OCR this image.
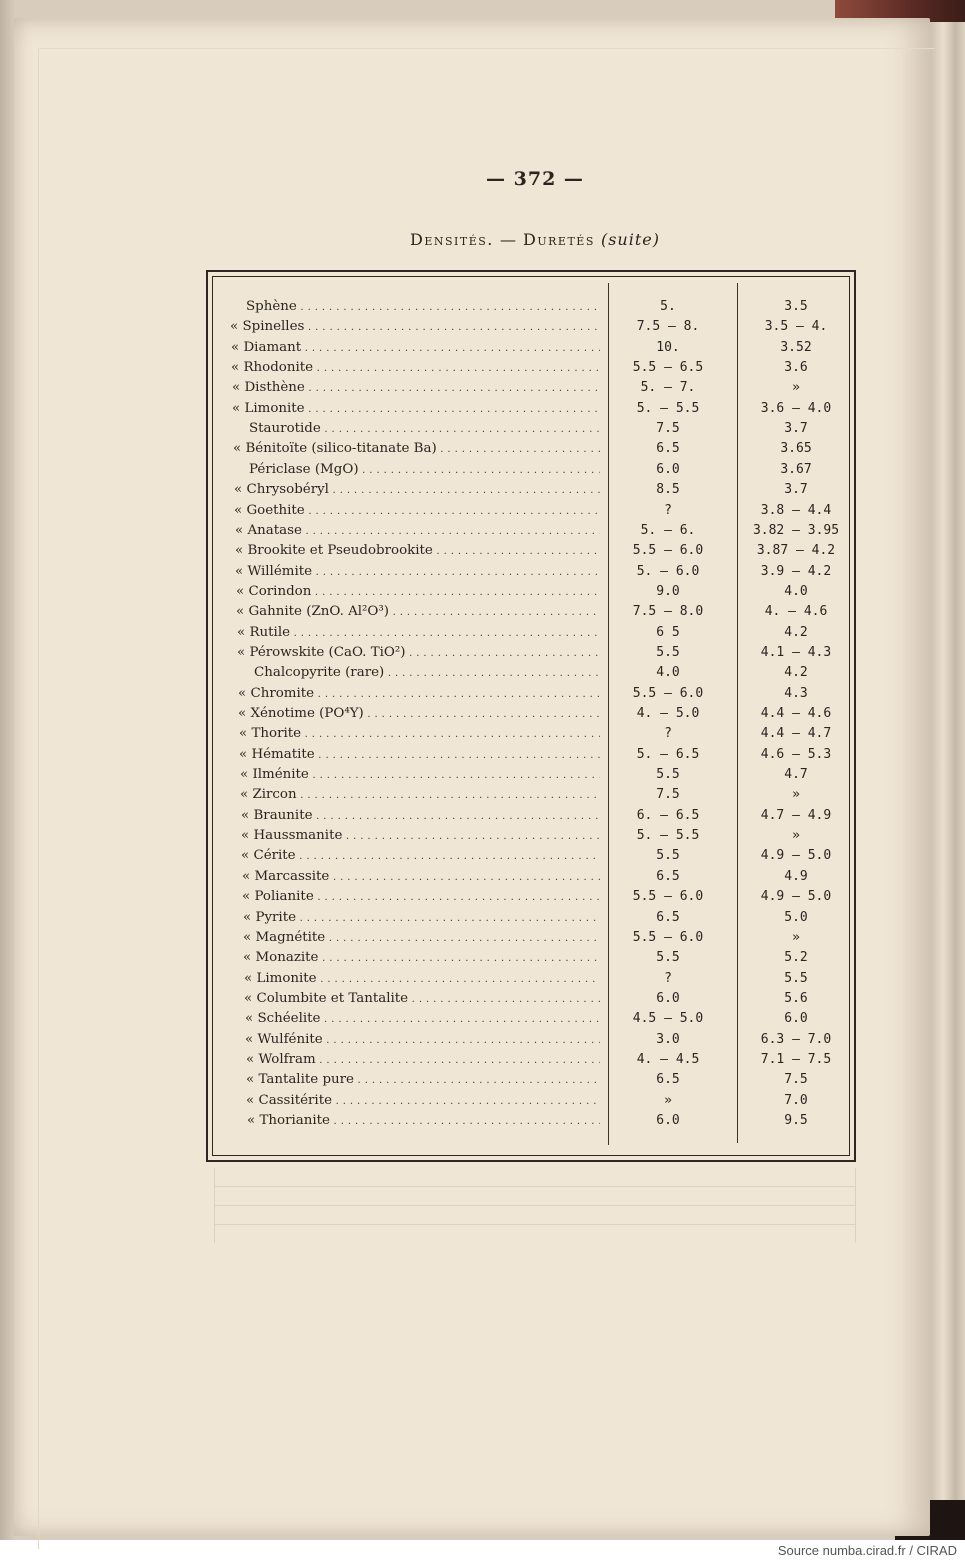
— 372 —
Densités. — Duretés (suite)
Sphène . . .	5.	3.5
« Spinelles . . .	7.5 — 8.	3.5 — 4.
« Diamant . . .	10.	3.52
« Rhodonite . . .	5.5 — 6.5	3.6
« Disthène . . .	5. — 7.	»
« Limonite . . .	5. — 5.5	3.6 — 4.0
Staurotide . . .	7.5	3.7
« Bénitoïte (silico-titanate Ba) . . .	6.5	3.65
Périclase (MgO) . . .	6.0	3.67
« Chrysobéryl . . .	8.5	3.7
« Goethite . . .	?	3.8 — 4.4
« Anatase . . .	5. — 6.	3.82 — 3.95
« Brookite et Pseudobrookite . . .	5.5 — 6.0	3.87 — 4.2
« Willémite . . .	5. — 6.0	3.9 — 4.2
« Corindon . . .	9.0	4.0
« Gahnite (ZnO. Al²O³) . . .	7.5 — 8.0	4. — 4.6
« Rutile . . .	6 5	4.2
« Pérowskite (CaO. TiO²) . . .	5.5	4.1 — 4.3
Chalcopyrite (rare) . . .	4.0	4.2
« Chromite . . .	5.5 — 6.0	4.3
« Xénotime (PO⁴Y) . . .	4. — 5.0	4.4 — 4.6
« Thorite . . .	?	4.4 — 4.7
« Hématite . . .	5. — 6.5	4.6 — 5.3
« Ilménite . . .	5.5	4.7
« Zircon . . .	7.5	»
« Braunite . . .	6. — 6.5	4.7 — 4.9
« Haussmanite . . .	5. — 5.5	»
« Cérite . . .	5.5	4.9 — 5.0
« Marcassite . . .	6.5	4.9
« Polianite . . .	5.5 — 6.0	4.9 — 5.0
« Pyrite . . .	6.5	5.0
« Magnétite . . .	5.5 — 6.0	»
« Monazite . . .	5.5	5.2
« Limonite . . .	?	5.5
« Columbite et Tantalite . . .	6.0	5.6
« Schéelite . . .	4.5 — 5.0	6.0
« Wulfénite . . .	3.0	6.3 — 7.0
« Wolfram . . .	4. — 4.5	7.1 — 7.5
« Tantalite pure . . .	6.5	7.5
« Cassitérite . . .	»	7.0
« Thorianite . . .	6.0	9.5
Source numba.cirad.fr / CIRAD
